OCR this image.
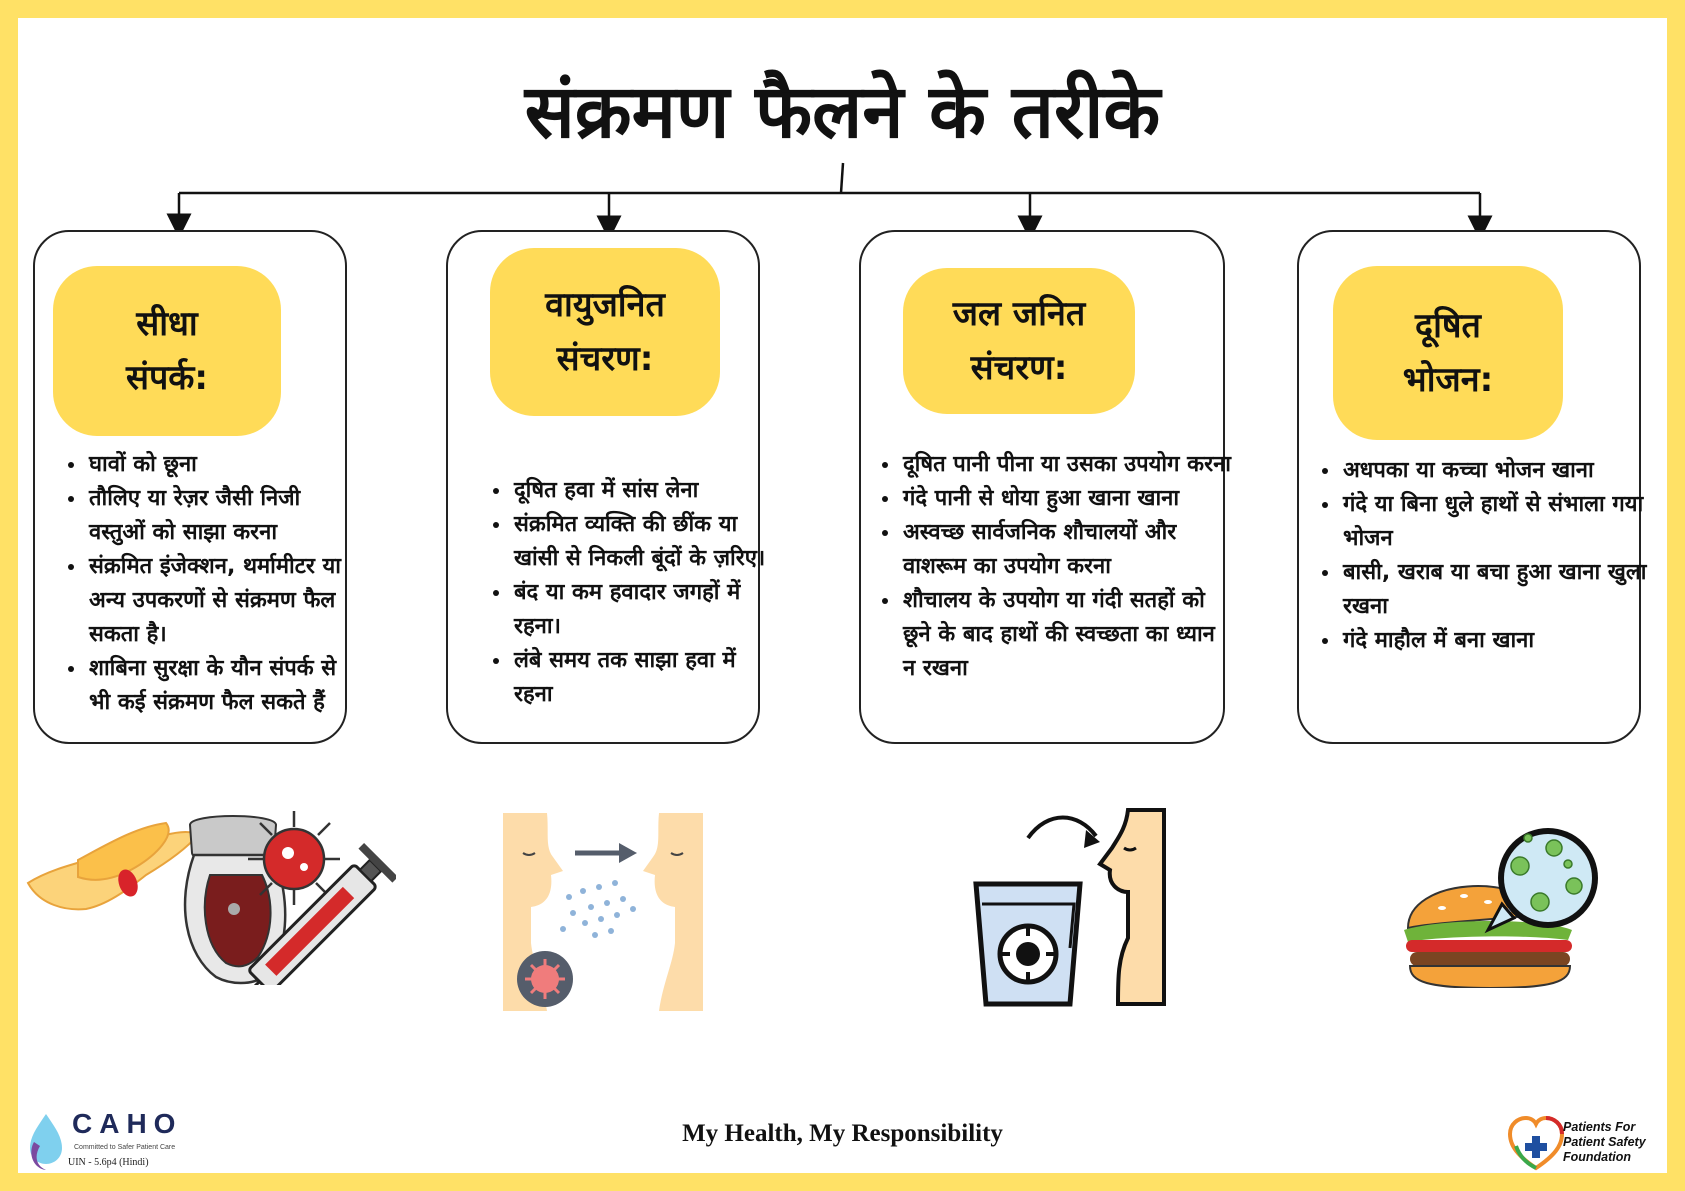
संक्रमण फैलने के तरीके
सीधा
संपर्क:
• घावों को छूना
• तौलिए या रेज़र जैसी निजी वस्तुओं को साझा करना
• संक्रमित इंजेक्शन, थर्मामीटर या अन्य उपकरणों से संक्रमण फैल सकता है।
• शाबिना सुरक्षा के यौन संपर्क से भी कई संक्रमण फैल सकते हैं
वायुजनित
संचरण:
• दूषित हवा में सांस लेना
• संक्रमित व्यक्ति की छींक या खांसी से निकली बूंदों के ज़रिए।
• बंद या कम हवादार जगहों में रहना।
• लंबे समय तक साझा हवा में रहना
जल जनित
संचरण:
• दूषित पानी पीना या उसका उपयोग करना
• गंदे पानी से धोया हुआ खाना खाना
• अस्वच्छ सार्वजनिक शौचालयों और वाशरूम का उपयोग करना
• शौचालय के उपयोग या गंदी सतहों को छूने के बाद हाथों की स्वच्छता का ध्यान न रखना
दूषित
भोजन:
• अधपका या कच्चा भोजन खाना
• गंदे या बिना धुले हाथों से संभाला गया भोजन
• बासी, खराब या बचा हुआ खाना खुला रखना
• गंदे माहौल में बना खाना
My Health, My Responsibility
CAHO
Committed to Safer Patient Care
UIN - 5.6p4 (Hindi)
Patients For
Patient Safety
Foundation
